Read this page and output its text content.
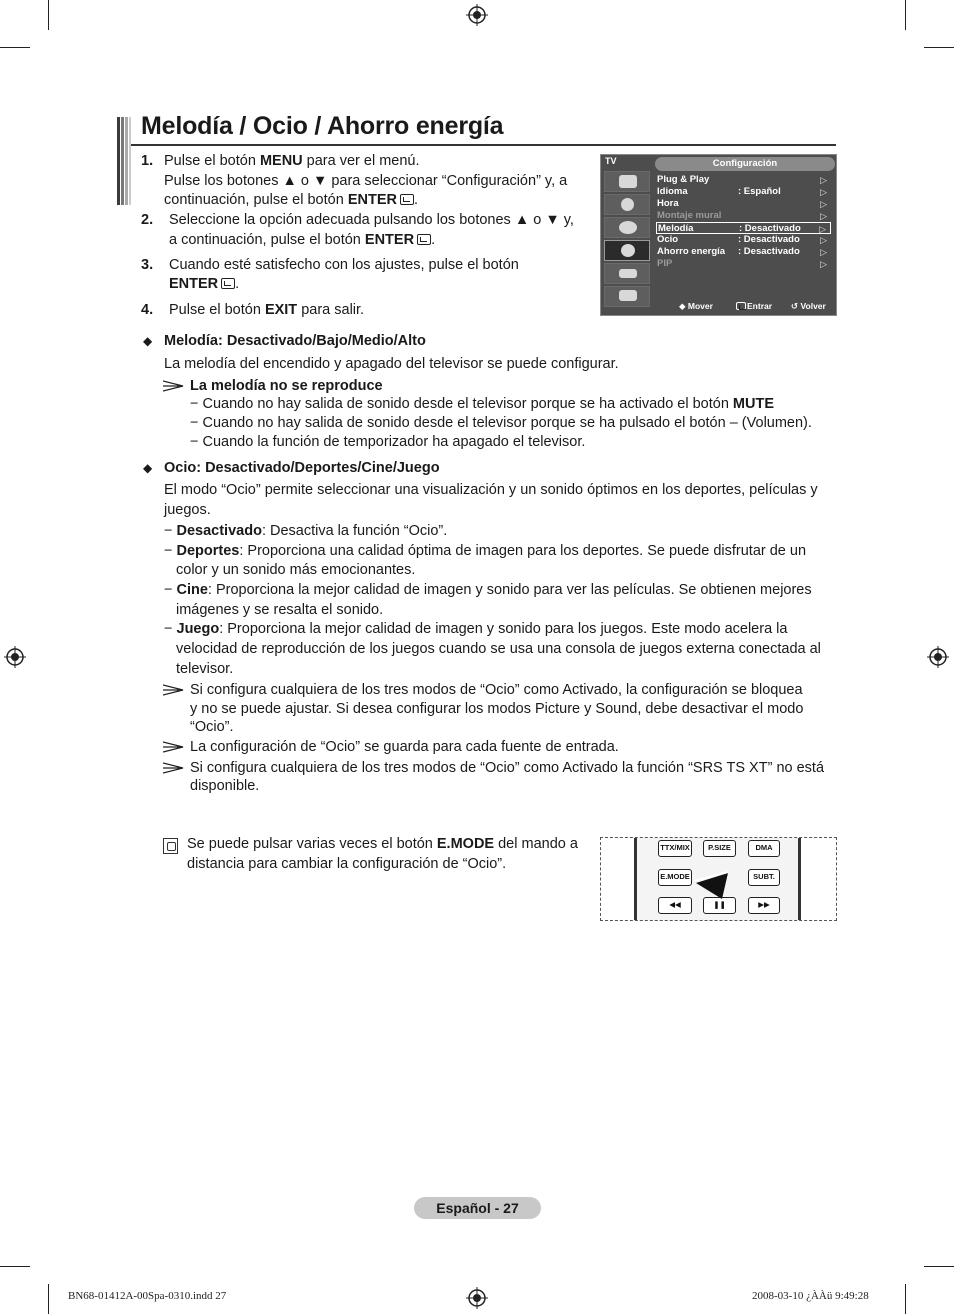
Melodía / Ocio / Ahorro energía
1. Pulse el botón MENU para ver el menú.
Pulse los botones ▲ o ▼ para seleccionar “Configuración” y, a
continuación, pulse el botón ENTER .
2. Seleccione la opción adecuada pulsando los botones ▲ o ▼ y,
a continuación, pulse el botón ENTER .
3. Cuando esté satisfecho con los ajustes, pulse el botón
ENTER .
4. Pulse el botón EXIT para salir.
TV	Configuración
Plug & Play	▷
Idioma	: Español	▷
Hora	▷
Montaje mural	▷
Melodía	: Desactivado ▷
Ocio	: Desactivado ▷
Ahorro energía : Desactivado ▷
PIP	▷
◆ Mover	Entrar ↺ Volver
◆ Melodía: Desactivado/Bajo/Medio/Alto
La melodía del encendido y apagado del televisor se puede configurar.
La melodía no se reproduce
− Cuando no hay salida de sonido desde el televisor porque se ha activado el botón MUTE
− Cuando no hay salida de sonido desde el televisor porque se ha pulsado el botón – (Volumen).
− Cuando la función de temporizador ha apagado el televisor.
◆ Ocio: Desactivado/Deportes/Cine/Juego
El modo “Ocio” permite seleccionar una visualización y un sonido óptimos en los deportes, películas y
juegos.
− Desactivado: Desactiva la función “Ocio”.
− Deportes: Proporciona una calidad óptima de imagen para los deportes. Se puede disfrutar de un
color y un sonido más emocionantes.
− Cine: Proporciona la mejor calidad de imagen y sonido para ver las películas. Se obtienen mejores
imágenes y se resalta el sonido.
− Juego: Proporciona la mejor calidad de imagen y sonido para los juegos. Este modo acelera la
velocidad de reproducción de los juegos cuando se usa una consola de juegos externa conectada al
televisor.
Si configura cualquiera de los tres modos de “Ocio” como Activado, la configuración se bloquea
y no se puede ajustar. Si desea configurar los modos Picture y Sound, debe desactivar el modo
“Ocio”.
La configuración de “Ocio” se guarda para cada fuente de entrada.
Si configura cualquiera de los tres modos de “Ocio” como Activado la función “SRS TS XT” no está
disponible.
Se puede pulsar varias veces el botón E.MODE del mando a
distancia para cambiar la configuración de “Ocio”.
TTX/MIX	P.SIZE	DMA
E.MODE	SUBT.
◀◀	❚❚	▶▶
Español - 27
BN68-01412A-00Spa-0310.indd 27	2008-03-10 ¿ÀÀü 9:49:28
